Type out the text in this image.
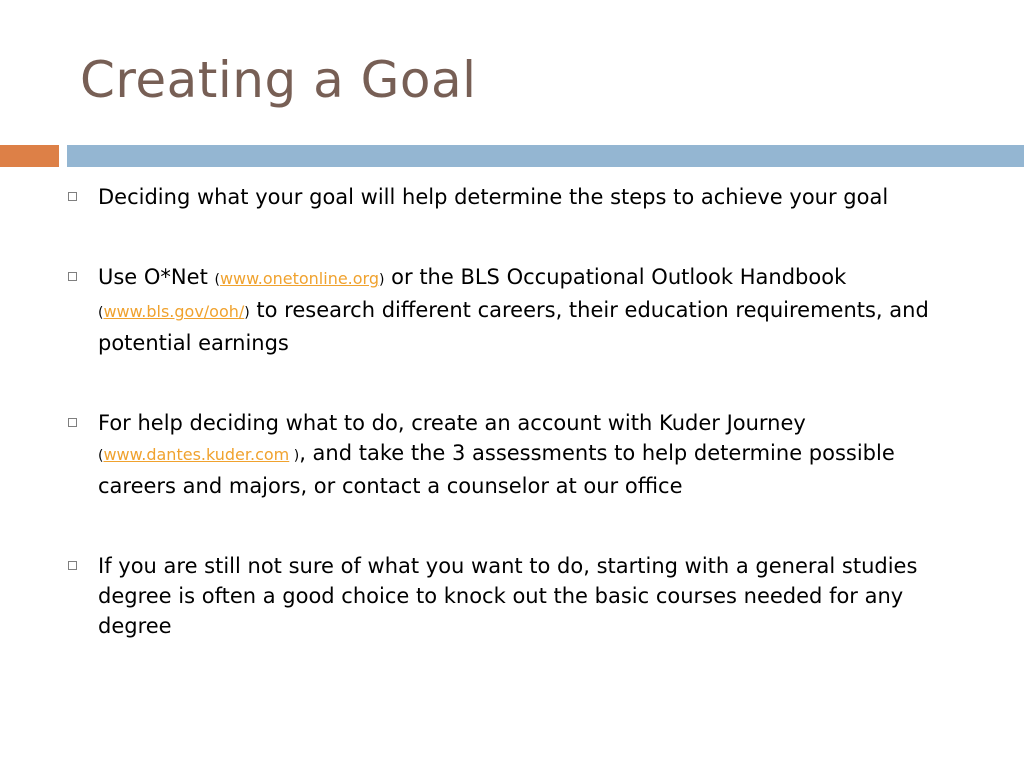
Creating a Goal
Deciding what your goal will help determine the steps to achieve your goal
Use O*Net (www.onetonline.org) or the BLS Occupational Outlook Handbook (www.bls.gov/ooh/) to research different careers, their education requirements, and potential earnings
For help deciding what to do, create an account with Kuder Journey (www.dantes.kuder.com ), and take the 3 assessments to help determine possible careers and majors, or contact a counselor at our office
If you are still not sure of what you want to do, starting with a general studies degree is often a good choice to knock out the basic courses needed for any degree
